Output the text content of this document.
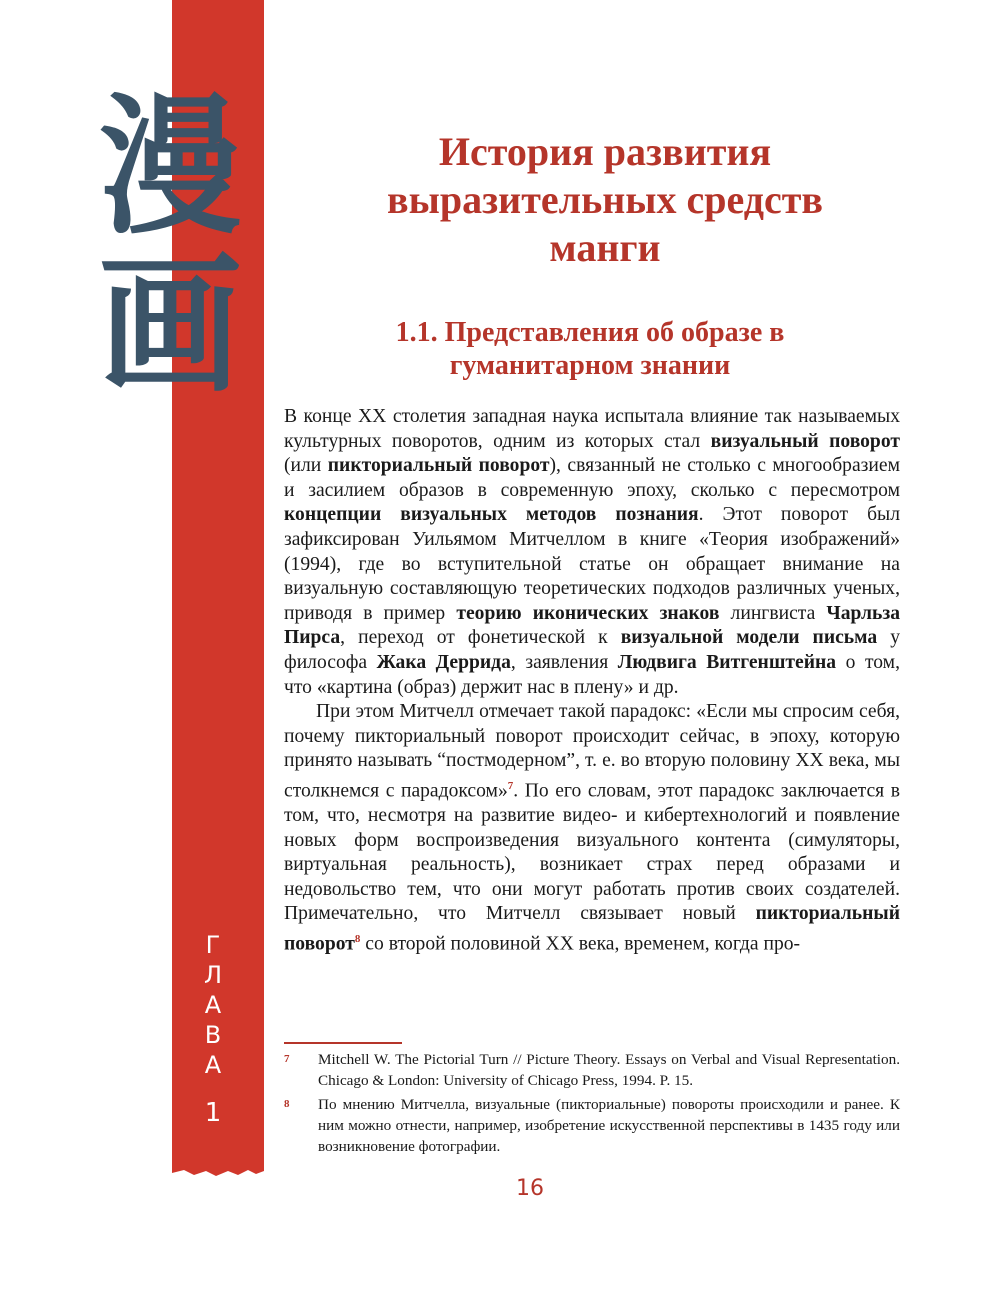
漫
画
Г
Л
А
В
А
1
История развития выразительных средств манги
1.1. Представления об образе в гуманитарном знании

В конце XX столетия западная наука испытала влияние так называемых культурных поворотов, одним из которых стал визуальный поворот (или пикториальный поворот), связанный не столько с многообразием и засилием образов в современную эпоху, сколько с пересмотром концепции визуальных методов познания. Этот поворот был зафиксирован Уильямом Митчеллом в книге «Теория изображений» (1994), где во вступительной статье он обращает внимание на визуальную составляющую теоретических подходов различных ученых, приводя в пример теорию иконических знаков лингвиста Чарльза Пирса, переход от фонетической к визуальной модели письма у философа Жака Деррида, заявления Людвига Витгенштейна о том, что «картина (образ) держит нас в плену» и др.

При этом Митчелл отмечает такой парадокс: «Если мы спросим себя, почему пикториальный поворот происходит сейчас, в эпоху, которую принято называть “постмодерном”, т. е. во вторую половину XX века, мы столкнемся с парадоксом»$^7$. По его словам, этот парадокс заключается в том, что, несмотря на развитие видео- и кибертехнологий и появление новых форм воспроизведения визуального контента (симуляторы, виртуальная реальность), возникает страх перед образами и недовольство тем, что они могут работать против своих создателей. Примечательно, что Митчелл связывает новый пикториальный поворот$^8$ со второй половиной XX века, временем, когда про-

7 Mitchell W. The Pictorial Turn // Picture Theory. Essays on Verbal and Visual Representation. Chicago & London: University of Chicago Press, 1994. P. 15.
8 По мнению Митчелла, визуальные (пикториальные) повороты происходили и ранее. К ним можно отнести, например, изобретение искусственной перспективы в 1435 году или возникновение фотографии.
16
